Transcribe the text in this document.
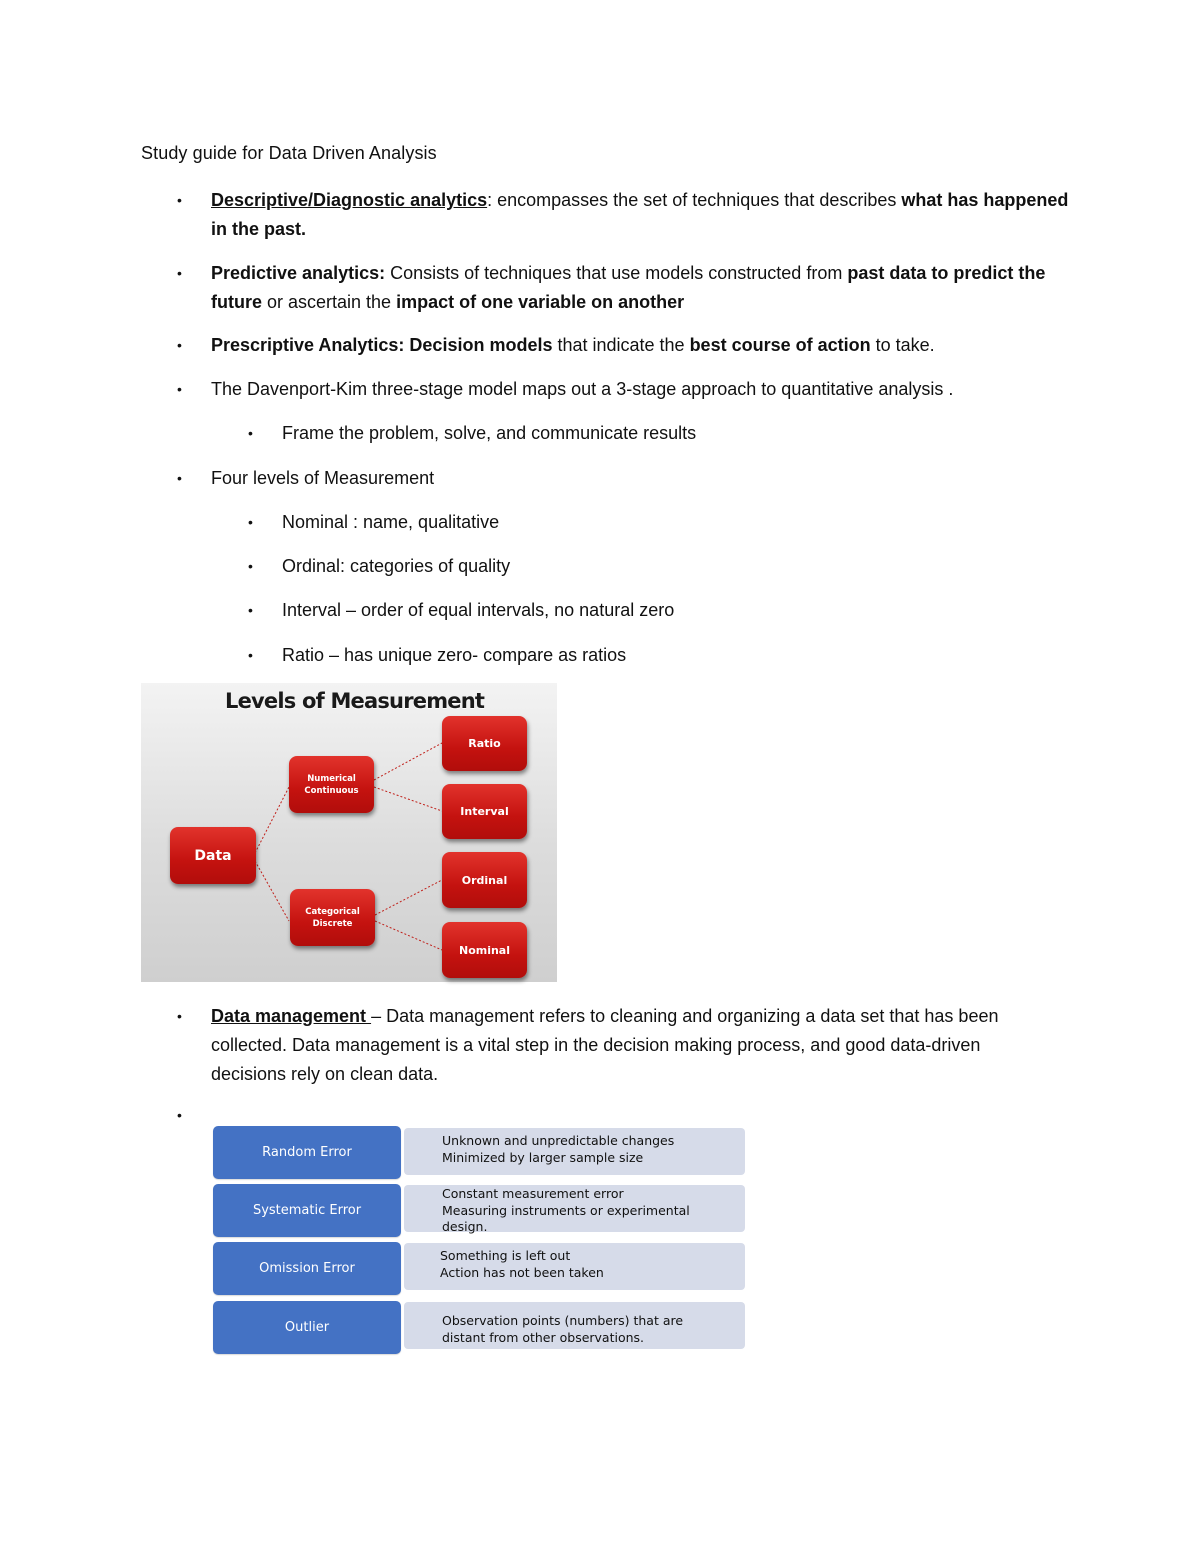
Study guide for Data Driven Analysis
• Descriptive/Diagnostic analytics: encompasses the set of techniques that describes what has happened in the past.
• Predictive analytics: Consists of techniques that use models constructed from past data to predict the future or ascertain the impact of one variable on another
• Prescriptive Analytics: Decision models that indicate the best course of action to take.
• The Davenport-Kim three-stage model maps out a 3-stage approach to quantitative analysis .
• Frame the problem, solve, and communicate results
• Four levels of Measurement
• Nominal : name, qualitative
• Ordinal: categories of quality
• Interval – order of equal intervals, no natural zero
• Ratio – has unique zero- compare as ratios
Levels of Measurement
Data
Numerical
Continuous
Categorical
Discrete
Ratio
Interval
Ordinal
Nominal
• Data management – Data management refers to cleaning and organizing a data set that has been collected. Data management is a vital step in the decision making process, and good data-driven decisions rely on clean data.
•
Random Error
Unknown and unpredictable changes
Minimized by larger sample size
Systematic Error
Constant measurement error
Measuring instruments or experimental
design.
Omission Error
Something is left out
Action has not been taken
Outlier	Observation points (numbers) that are
distant from other observations.
